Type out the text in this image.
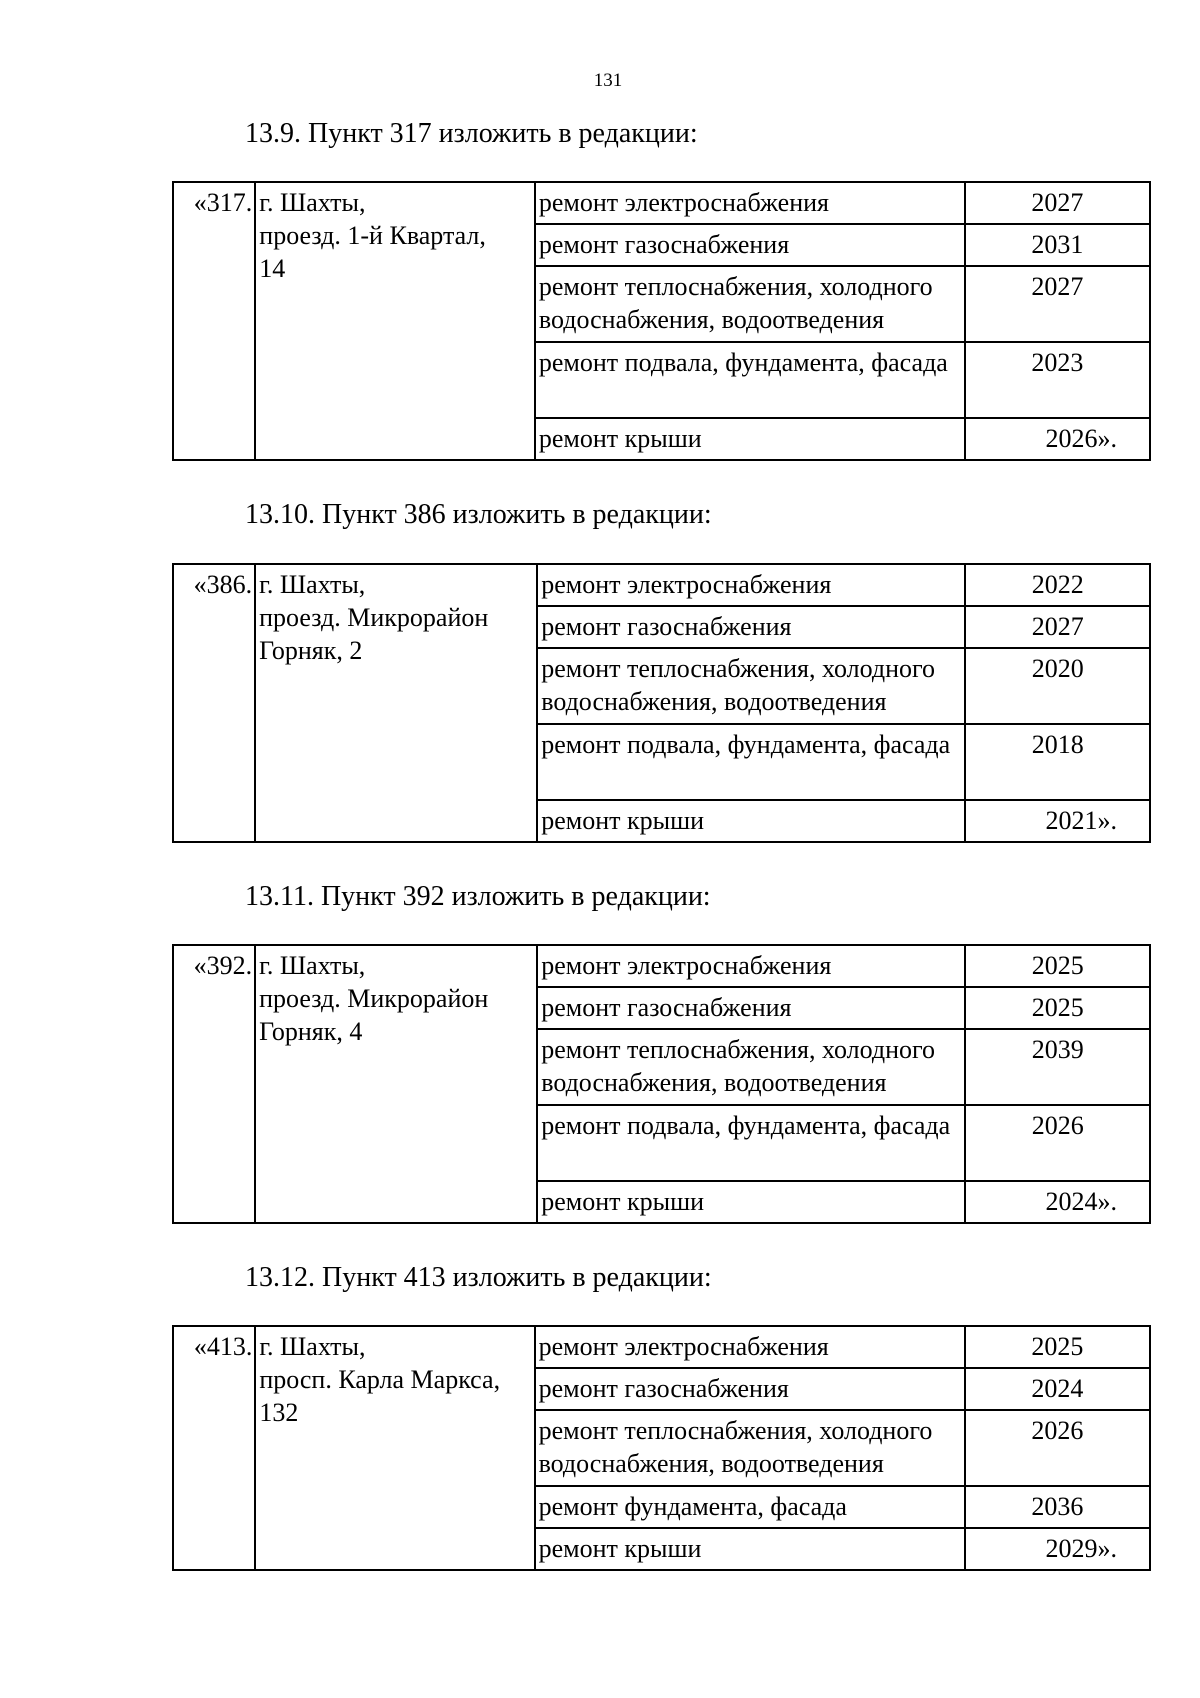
131
13.9. Пункт 317 изложить в редакции:
«317.	г. Шахты,
проезд. 1-й Квартал,
14	ремонт электроснабжения	2027
		ремонт газоснабжения	2031
		ремонт теплоснабжения, холодного водоснабжения, водоотведения	2027
		ремонт подвала, фундамента, фасада	2023
		ремонт крыши	2026».
13.10. Пункт 386 изложить в редакции:
«386.	г. Шахты,
проезд. Микрорайон
Горняк, 2	ремонт электроснабжения	2022
		ремонт газоснабжения	2027
		ремонт теплоснабжения, холодного водоснабжения, водоотведения	2020
		ремонт подвала, фундамента, фасада	2018
		ремонт крыши	2021».
13.11. Пункт 392 изложить в редакции:
«392.	г. Шахты,
проезд. Микрорайон
Горняк, 4	ремонт электроснабжения	2025
		ремонт газоснабжения	2025
		ремонт теплоснабжения, холодного водоснабжения, водоотведения	2039
		ремонт подвала, фундамента, фасада	2026
		ремонт крыши	2024».
13.12. Пункт 413 изложить в редакции:
«413.	г. Шахты,
просп. Карла Маркса,
132	ремонт электроснабжения	2025
		ремонт газоснабжения	2024
		ремонт теплоснабжения, холодного водоснабжения, водоотведения	2026
		ремонт фундамента, фасада	2036
		ремонт крыши	2029».
